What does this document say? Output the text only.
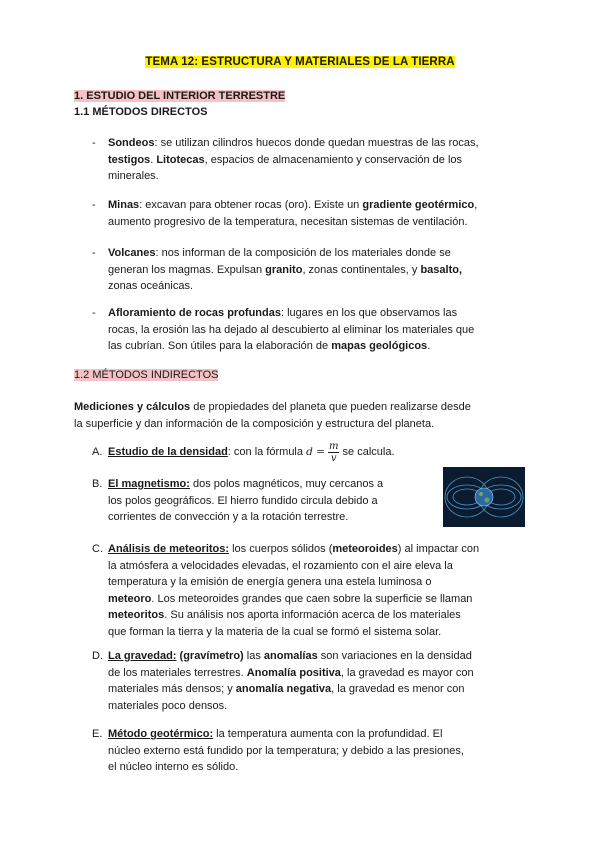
TEMA 12: ESTRUCTURA Y MATERIALES DE LA TIERRA
1. ESTUDIO DEL INTERIOR TERRESTRE
1.1 MÉTODOS DIRECTOS
- Sondeos: se utilizan cilindros huecos donde quedan muestras de las rocas,
testigos. Litotecas, espacios de almacenamiento y conservación de los
minerales.
- Minas: excavan para obtener rocas (oro). Existe un gradiente geotérmico,
aumento progresivo de la temperatura, necesitan sistemas de ventilación.
- Volcanes: nos informan de la composición de los materiales donde se
generan los magmas. Expulsan granito, zonas continentales, y basalto,
zonas oceánicas.
- Afloramiento de rocas profundas: lugares en los que observamos las
rocas, la erosión las ha dejado al descubierto al eliminar los materiales que
las cubrían. Son útiles para la elaboración de mapas geológicos.
1.2 MÉTODOS INDIRECTOS
Mediciones y cálculos de propiedades del planeta que pueden realizarse desde
la superficie y dan información de la composición y estructura del planeta.
A. Estudio de la densidad: con la fórmula $d = \frac{m}{v}$ se calcula.
B. El magnetismo: dos polos magnéticos, muy cercanos a
los polos geográficos. El hierro fundido circula debido a
corrientes de convección y a la rotación terrestre.
C. Análisis de meteoritos: los cuerpos sólidos (meteoroides) al impactar con
la atmósfera a velocidades elevadas, el rozamiento con el aire eleva la
temperatura y la emisión de energía genera una estela luminosa o
meteoro. Los meteoroides grandes que caen sobre la superficie se llaman
meteoritos. Su análisis nos aporta información acerca de los materiales
que forman la tierra y la materia de la cual se formó el sistema solar.
D. La gravedad: (gravímetro) las anomalías son variaciones en la densidad
de los materiales terrestres. Anomalía positiva, la gravedad es mayor con
materiales más densos; y anomalía negativa, la gravedad es menor con
materiales poco densos.
E. Método geotérmico: la temperatura aumenta con la profundidad. El
núcleo externo está fundido por la temperatura; y debido a las presiones,
el núcleo interno es sólido.
